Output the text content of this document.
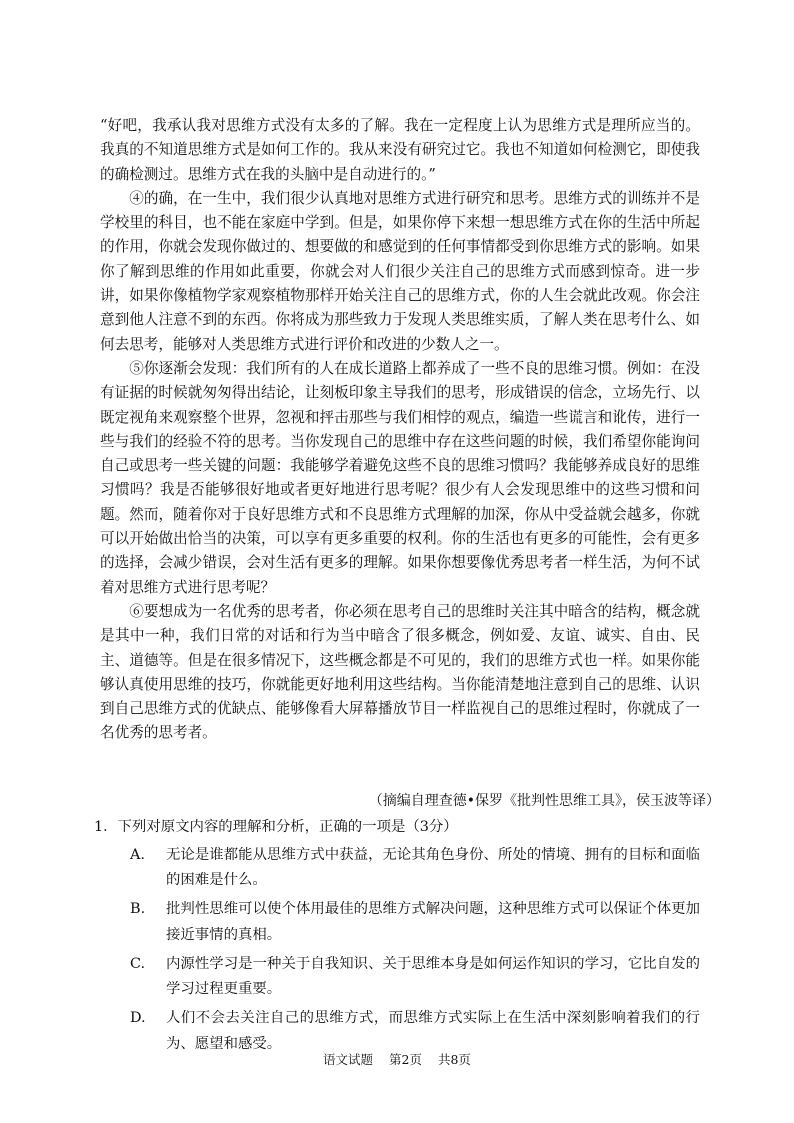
“好吧，我承认我对思维方式没有太多的了解。我在一定程度上认为思维方式是理所应当的。我真的不知道思维方式是如何工作的。我从来没有研究过它。我也不知道如何检测它，即使我的确检测过。思维方式在我的头脑中是自动进行的。”

④的确，在一生中，我们很少认真地对思维方式进行研究和思考。思维方式的训练并不是学校里的科目，也不能在家庭中学到。但是，如果你停下来想一想思维方式在你的生活中所起的作用，你就会发现你做过的、想要做的和感觉到的任何事情都受到你思维方式的影响。如果你了解到思维的作用如此重要，你就会对人们很少关注自己的思维方式而感到惊奇。进一步讲，如果你像植物学家观察植物那样开始关注自己的思维方式，你的人生会就此改观。你会注意到他人注意不到的东西。你将成为那些致力于发现人类思维实质，了解人类在思考什么、如何去思考，能够对人类思维方式进行评价和改进的少数人之一。

⑤你逐渐会发现：我们所有的人在成长道路上都养成了一些不良的思维习惯。例如：在没有证据的时候就匆匆得出结论，让刻板印象主导我们的思考，形成错误的信念，立场先行、以既定视角来观察整个世界，忽视和抨击那些与我们相悖的观点，编造一些谎言和讹传，进行一些与我们的经验不符的思考。当你发现自己的思维中存在这些问题的时候，我们希望你能询问自己或思考一些关键的问题：我能够学着避免这些不良的思维习惯吗？我能够养成良好的思维习惯吗？我是否能够很好地或者更好地进行思考呢？很少有人会发现思维中的这些习惯和问题。然而，随着你对于良好思维方式和不良思维方式理解的加深，你从中受益就会越多，你就可以开始做出恰当的决策，可以享有更多重要的权利。你的生活也有更多的可能性，会有更多的选择，会减少错误，会对生活有更多的理解。如果你想要像优秀思考者一样生活，为何不试着对思维方式进行思考呢？

⑥要想成为一名优秀的思考者，你必须在思考自己的思维时关注其中暗含的结构，概念就是其中一种，我们日常的对话和行为当中暗含了很多概念，例如爱、友谊、诚实、自由、民主、道德等。但是在很多情况下，这些概念都是不可见的，我们的思维方式也一样。如果你能够认真使用思维的技巧，你就能更好地利用这些结构。当你能清楚地注意到自己的思维、认识到自己思维方式的优缺点、能够像看大屏幕播放节目一样监视自己的思维过程时，你就成了一名优秀的思考者。

（摘编自理查德•保罗《批判性思维工具》，侯玉波等译）

1．下列对原文内容的理解和分析，正确的一项是（3分）

A.	无论是谁都能从思维方式中获益，无论其角色身份、所处的情境、拥有的目标和面临的困难是什么。
B.	批判性思维可以使个体用最佳的思维方式解决问题，这种思维方式可以保证个体更加接近事情的真相。
C.	内源性学习是一种关于自我知识、关于思维本身是如何运作知识的学习，它比自发的学习过程更重要。
D.	人们不会去关注自己的思维方式，而思维方式实际上在生活中深刻影响着我们的行为、愿望和感受。
语文试题 第2页 共8页
